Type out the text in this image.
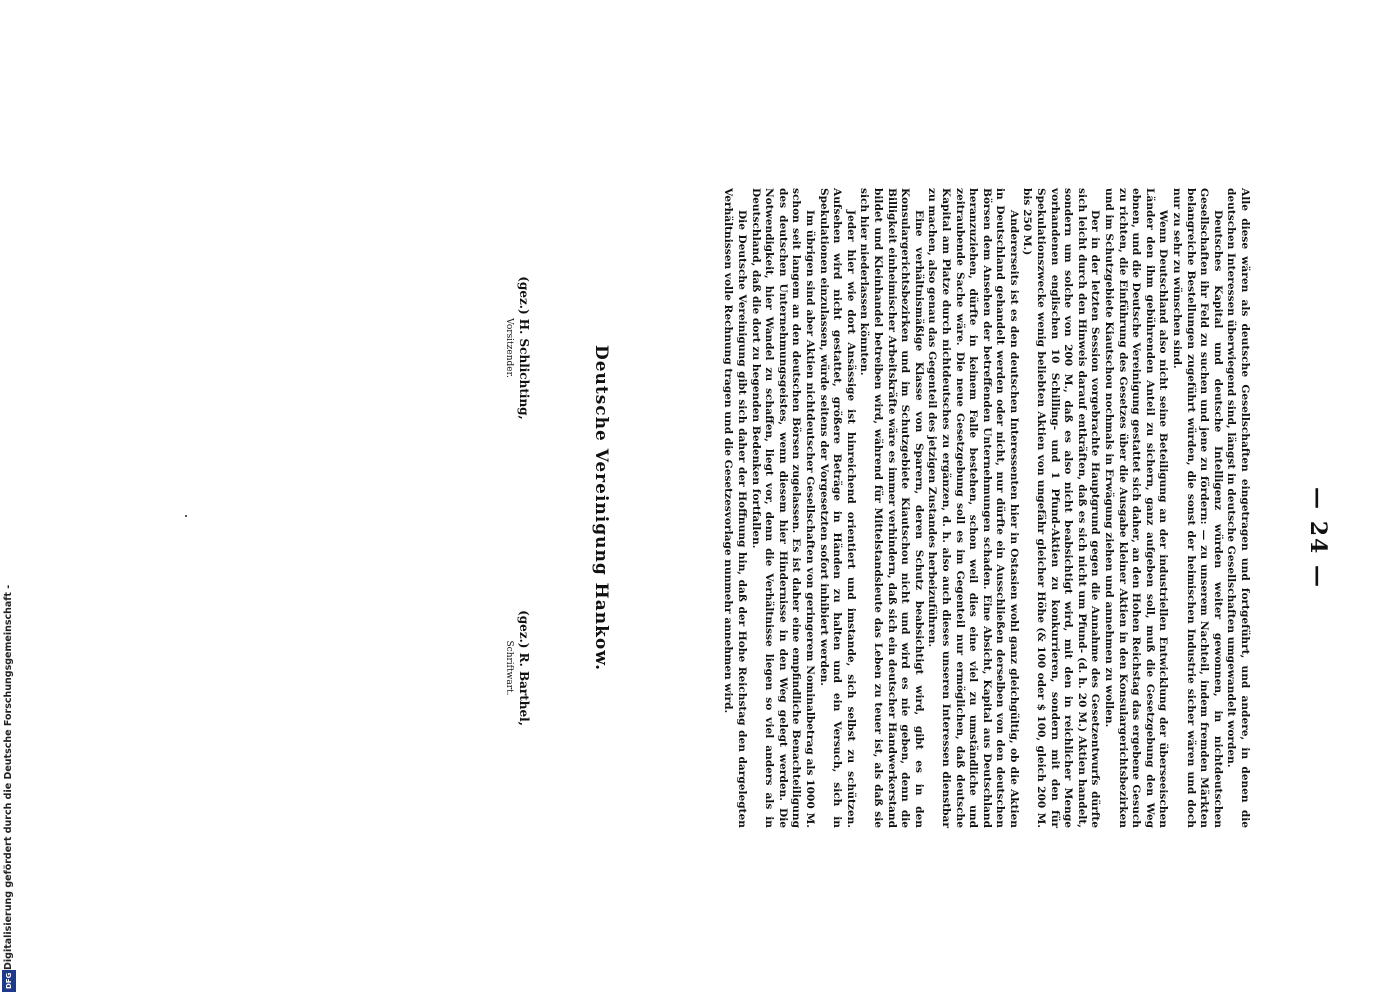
— 24 —

Alle diese wären als deutsche Gesellschaften eingetragen und fortgeführt, und andere, in denen die deutschen Interessen überwiegend sind, längst in deutsche Gesellschaften umgewandelt worden.

Deutsches Kapital und deutsche Intelligenz würden weiter gewonnen, in nichtdeutschen Gesellschaften ihr Feld zu suchen und jene zu fördern: — zu unserem Nachteil, indem fremden Märkten belangreiche Bestellungen zugeführt würden, die sonst der heimischen Industrie sicher wären und doch nur zu sehr zu wünschen sind.

Wenn Deutschland also nicht seine Beteiligung an der industriellen Entwicklung der überseeischen Länder den ihm gebührenden Anteil zu sichern, ganz aufgeben soll, muß die Gesetzgebung den Weg ebnen, und die Deutsche Vereinigung gestattet sich daher, an den Hohen Reichstag das ergebene Gesuch zu richten, die Einführung des Gesetzes über die Ausgabe kleiner Aktien in den Konsulargerichtsbezirken und im Schutzgebiete Kiautschou nochmals in Erwägung ziehen und annehmen zu wollen.

Der in der letzten Session vorgebrachte Hauptgrund gegen die Annahme des Gesetzentwurfs dürfte sich leicht durch den Hinweis darauf entkräften, daß es sich nicht um Pfund- (d. h. 20 M.) Aktien handelt, sondern um solche von 200 M., daß es also nicht beabsichtigt wird, mit den in reichlicher Menge vorhandenen englischen 10 Schilling- und 1 Pfund-Aktien zu konkurrieren, sondern mit den für Spekulationszwecke wenig beliebten Aktien von ungefähr gleicher Höhe (& 100 oder $ 100, gleich 200 M. bis 250 M.)

Andererseits ist es den deutschen Interessenten hier in Ostasien wohl ganz gleichgültig, ob die Aktien in Deutschland gehandelt werden oder nicht, nur dürfte ein Ausschließen derselben von den deutschen Börsen dem Ansehen der betreffenden Unternehmungen schaden. Eine Absicht, Kapital aus Deutschland heranzuziehen, dürfte in keinem Falle bestehen, schon weil dies eine viel zu umständliche und zeitraubende Sache wäre. Die neue Gesetzgebung soll es im Gegenteil nur ermöglichen, daß deutsche Kapital am Platze durch nichtdeutsches zu ergänzen, d. h. also auch dieses unseren Interessen dienstbar zu machen, also genau das Gegenteil des jetzigen Zustandes herbeizuführen.

Eine verhältnismäßige Klasse von Sparern, deren Schutz beabsichtigt wird, gibt es in den Konsulargerichtsbezirken und im Schutzgebiete Kiautschou nicht und wird es nie geben, denn die Billigkeit einheimischer Arbeitskräfte wäre es immer verhindern, daß sich ein deutscher Handwerkerstand bildet und Kleinhandel betreiben wird, während für Mittelstandsleute das Leben zu teuer ist, als daß sie sich hier niederlassen könnten.

Jeder hier wie dort Ansässige ist hinreichend orientiert und imstande, sich selbst zu schützen. Aufsehen wird nicht gestattet, größere Beträge in Händen zu halten und ein Versuch, sich in Spekulationen einzulassen, würde seitens der Vorgesetzten sofort inhibiert werden.

Im übrigen sind aber Aktien nichtdeutscher Gesellschaften von geringerem Nominalbetrag als 1000 M. schon seit langem an den deutschen Börsen zugelassen. Es ist daher eine empfindliche Benachteiligung des deutschen Unternehmungsgeistes, wenn diesem hier Hindernisse in den Weg gelegt werden. Die Notwendigkeit, hier Wandel zu schaffen, liegt vor, denn die Verhältnisse liegen so viel anders als in Deutschland, daß die dort zu hegenden Bedenken fortfallen.

Die Deutsche Vereinigung gibt sich daher der Hoffnung hin, daß der Hohe Reichstag den dargelegten Verhältnissen volle Rechnung tragen und die Gesetzesvorlage nunmehr annehmen wird.

Deutsche Vereinigung Hankow.
(gez.) H. Schlichting,
Vorsitzender.
(gez.) R. Barthel,
Schriftwart.
Digitalisierung gefördert durch die Deutsche Forschungsgemeinschaft -
DFG
